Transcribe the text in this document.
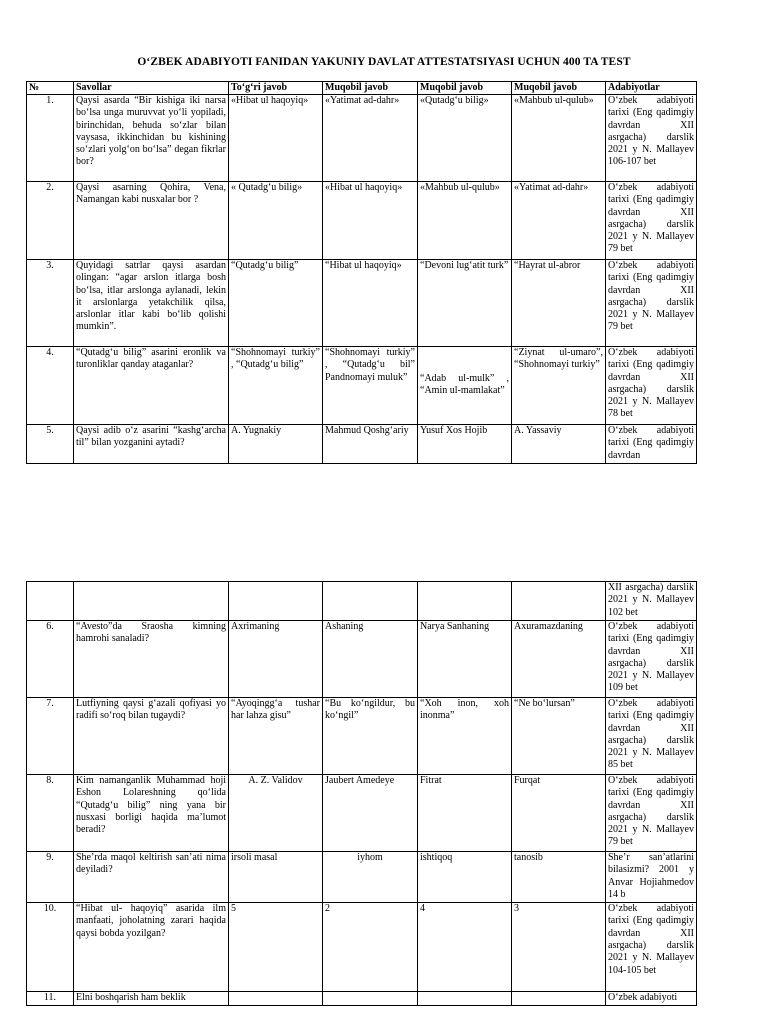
O‘ZBEK ADABIYOTI FANIDAN YAKUNIY DAVLAT ATTESTATSIYASI UCHUN 400 TA TEST
№	Savollar	To‘g‘ri javob	Muqobil javob	Muqobil javob	Muqobil javob	Adabiyotlar
1.	Qaysi asarda “Bir kishiga iki narsa bo‘lsa unga muruvvat yo‘li yopiladi, birinchidan, behuda so‘zlar bilan vaysasa, ikkinchidan bu kishining so‘zlari yolg‘on bo‘lsa” degan fikrlar bor?	«Hibat ul haqoyiq»	«Yatimat ad-dahr»	«Qutadg‘u bilig»	«Mahbub ul-qulub»	O‘zbek adabiyoti tarixi (Eng qadimgiy davrdan XII asrgacha) darslik 2021 y N. Mallayev 106-107 bet
2.	Qaysi asarning Qohira, Vena, Namangan kabi nusxalar bor ?	« Qutadg‘u bilig»	«Hibat ul haqoyiq»	«Mahbub ul-qulub»	«Yatimat ad-dahr»	O‘zbek adabiyoti tarixi (Eng qadimgiy davrdan XII asrgacha) darslik 2021 y N. Mallayev 79 bet
3.	Quyidagi satrlar qaysi asardan olingan: “agar arslon itlarga bosh bo‘lsa, itlar arslonga aylanadi, lekin it arslonlarga yetakchilik qilsa, arslonlar itlar kabi bo‘lib qolishi mumkin”.	“Qutadg‘u bilig”	“Hibat ul haqoyiq»	“Devoni lug‘atit turk”	“Hayrat ul-abror	O‘zbek adabiyoti tarixi (Eng qadimgiy davrdan XII asrgacha) darslik 2021 y N. Mallayev 79 bet
4.	“Qutadg‘u bilig” asarini eronlik va turonliklar qanday ataganlar?	“Shohnomayi turkiy” , “Qutadg‘u bilig”	“Shohnomayi turkiy” , “Qutadg‘u bil” Pandnomayi muluk”	“Adab ul-mulk” , “Amin ul-mamlakat”	“Ziynat ul-umaro”, “Shohnomayi turkiy”	O‘zbek adabiyoti tarixi (Eng qadimgiy davrdan XII asrgacha) darslik 2021 y N. Mallayev 78 bet
5.	Qaysi adib o‘z asarini “kashg‘archa til” bilan yozganini aytadi?	A. Yugnakiy	Mahmud Qoshg‘ariy	Yusuf Xos Hojib	A. Yassaviy	O‘zbek adabiyoti tarixi (Eng qadimgiy davrdan
						XII asrgacha) darslik 2021 y N. Mallayev 102 bet
6.	“Avesto”da Sraosha kimning hamrohi sanaladi?	Axrimaning	Ashaning	Narya Sanhaning	Axuramazdaning	O‘zbek adabiyoti tarixi (Eng qadimgiy davrdan XII asrgacha) darslik 2021 y N. Mallayev 109 bet
7.	Lutfiyning qaysi g‘azali qofiyasi yo radifi so‘roq bilan tugaydi?	“Ayoqingg‘a tushar har lahza gisu”	“Bu ko‘ngildur, bu ko‘ngil”	“Xoh inon, xoh inonma”	“Ne bo‘lursan”	O‘zbek adabiyoti tarixi (Eng qadimgiy davrdan XII asrgacha) darslik 2021 y N. Mallayev 85 bet
8.	Kim namanganlik Muhammad hoji Eshon Lolareshning qo‘lida “Qutadg‘u bilig” ning yana bir nusxasi borligi haqida ma’lumot beradi?	A. Z. Validov	Jaubert Amedeye	Fitrat	Furqat	O‘zbek adabiyoti tarixi (Eng qadimgiy davrdan XII asrgacha) darslik 2021 y N. Mallayev 79 bet
9.	She’rda maqol keltirish san’ati nima deyiladi?	irsoli masal	iyhom	ishtiqoq	tanosib	She’r san’atlarini bilasizmi? 2001 y Anvar Hojiahmedov 14 b
10.	“Hibat ul- haqoyiq” asarida ilm manfaati, joholatning zarari haqida qaysi bobda yozilgan?	5	2	4	3	O‘zbek adabiyoti tarixi (Eng qadimgiy davrdan XII asrgacha) darslik 2021 y N. Mallayev 104-105 bet
11.	Elni boshqarish ham beklik					O‘zbek adabiyoti
